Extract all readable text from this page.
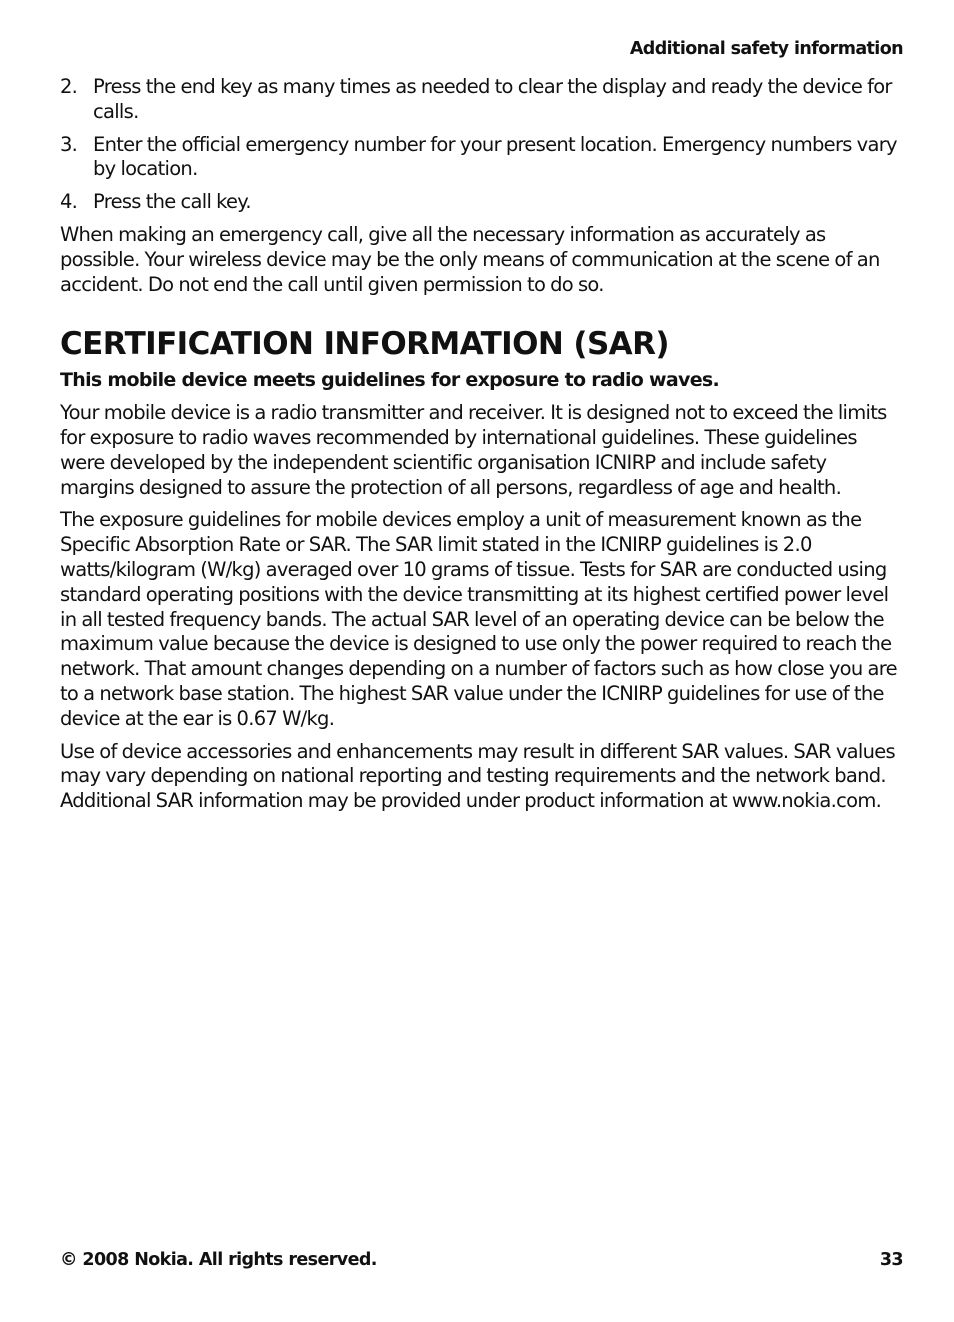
Additional safety information
2. Press the end key as many times as needed to clear the display and ready the device for calls.
3. Enter the official emergency number for your present location. Emergency numbers vary by location.
4. Press the call key.

When making an emergency call, give all the necessary information as accurately as possible. Your wireless device may be the only means of communication at the scene of an accident. Do not end the call until given permission to do so.

CERTIFICATION INFORMATION (SAR)

This mobile device meets guidelines for exposure to radio waves.

Your mobile device is a radio transmitter and receiver. It is designed not to exceed the limits for exposure to radio waves recommended by international guidelines. These guidelines were developed by the independent scientific organisation ICNIRP and include safety margins designed to assure the protection of all persons, regardless of age and health.

The exposure guidelines for mobile devices employ a unit of measurement known as the Specific Absorption Rate or SAR. The SAR limit stated in the ICNIRP guidelines is 2.0 watts/kilogram (W/kg) averaged over 10 grams of tissue. Tests for SAR are conducted using standard operating positions with the device transmitting at its highest certified power level in all tested frequency bands. The actual SAR level of an operating device can be below the maximum value because the device is designed to use only the power required to reach the network. That amount changes depending on a number of factors such as how close you are to a network base station. The highest SAR value under the ICNIRP guidelines for use of the device at the ear is 0.67 W/kg.

Use of device accessories and enhancements may result in different SAR values. SAR values may vary depending on national reporting and testing requirements and the network band. Additional SAR information may be provided under product information at www.nokia.com.

© 2008 Nokia. All rights reserved.	33
